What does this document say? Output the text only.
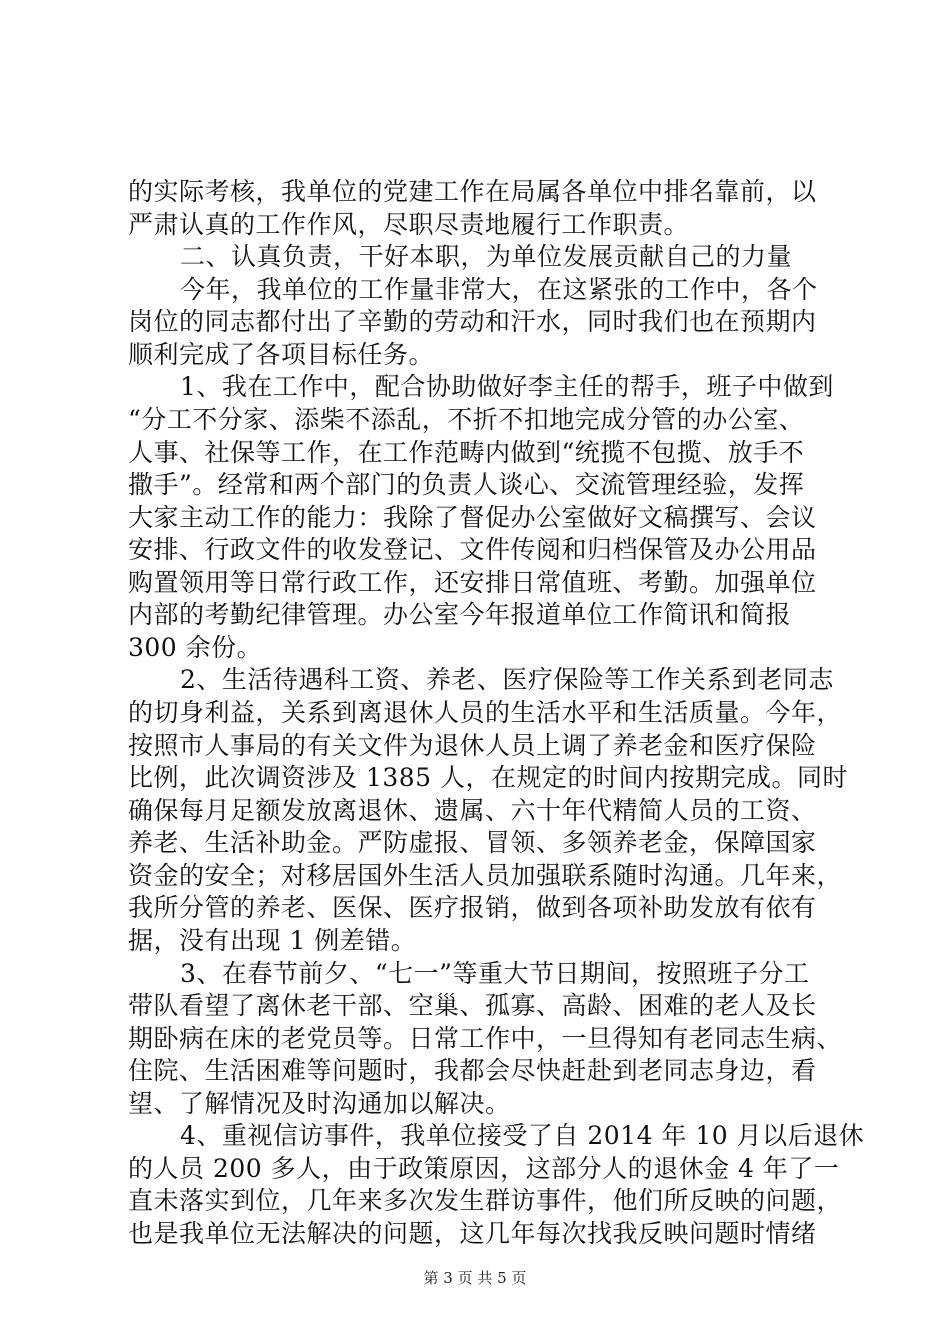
的实际考核，我单位的党建工作在局属各单位中排名靠前，以
严肃认真的工作作风，尽职尽责地履行工作职责。
二、认真负责，干好本职，为单位发展贡献自己的力量
今年，我单位的工作量非常大，在这紧张的工作中，各个
岗位的同志都付出了辛勤的劳动和汗水，同时我们也在预期内
顺利完成了各项目标任务。
1、我在工作中，配合协助做好李主任的帮手，班子中做到
“分工不分家、添柴不添乱，不折不扣地完成分管的办公室、
人事、社保等工作，在工作范畴内做到“统揽不包揽、放手不
撒手”。经常和两个部门的负责人谈心、交流管理经验，发挥
大家主动工作的能力：我除了督促办公室做好文稿撰写、会议
安排、行政文件的收发登记、文件传阅和归档保管及办公用品
购置领用等日常行政工作，还安排日常值班、考勤。加强单位
内部的考勤纪律管理。办公室今年报道单位工作简讯和简报
300 余份。
2、生活待遇科工资、养老、医疗保险等工作关系到老同志
的切身利益，关系到离退休人员的生活水平和生活质量。今年，
按照市人事局的有关文件为退休人员上调了养老金和医疗保险
比例，此次调资涉及 1385 人，在规定的时间内按期完成。同时
确保每月足额发放离退休、遗属、六十年代精简人员的工资、
养老、生活补助金。严防虚报、冒领、多领养老金，保障国家
资金的安全；对移居国外生活人员加强联系随时沟通。几年来，
我所分管的养老、医保、医疗报销，做到各项补助发放有依有
据，没有出现 1 例差错。
3、在春节前夕、“七一”等重大节日期间，按照班子分工
带队看望了离休老干部、空巢、孤寡、高龄、困难的老人及长
期卧病在床的老党员等。日常工作中，一旦得知有老同志生病、
住院、生活困难等问题时，我都会尽快赶赴到老同志身边，看
望、了解情况及时沟通加以解决。
4、重视信访事件，我单位接受了自 2014 年 10 月以后退休
的人员 200 多人，由于政策原因，这部分人的退休金 4 年了一
直未落实到位，几年来多次发生群访事件，他们所反映的问题，
也是我单位无法解决的问题，这几年每次找我反映问题时情绪
第 3 页 共 5 页
